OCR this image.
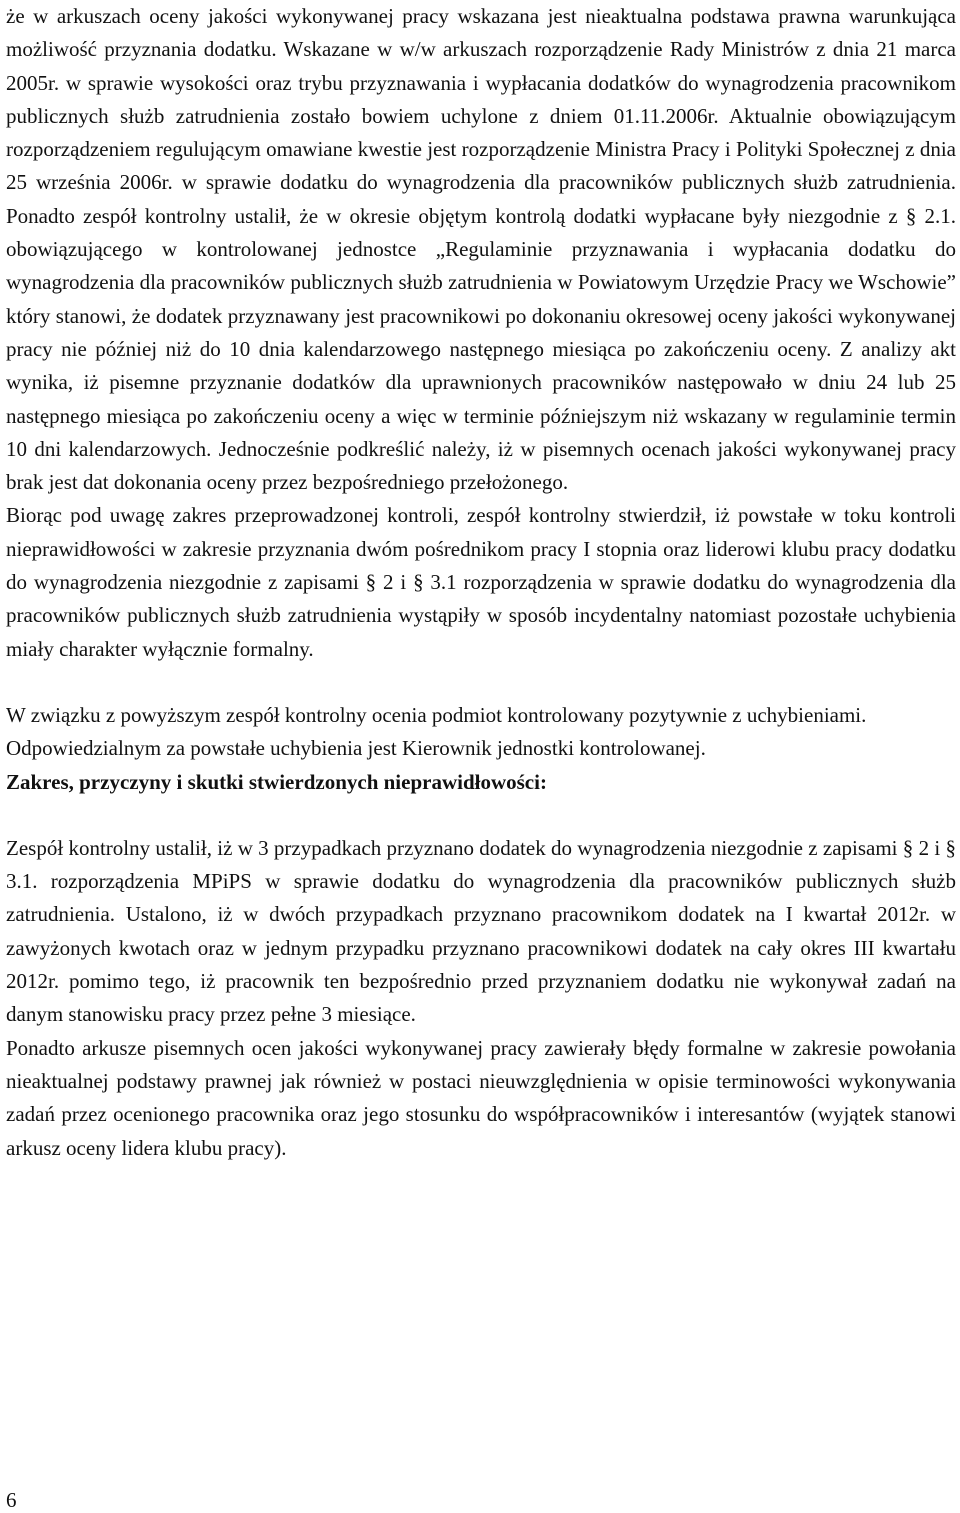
że w arkuszach oceny jakości wykonywanej pracy wskazana jest nieaktualna podstawa prawna warunkująca możliwość przyznania dodatku. Wskazane w w/w arkuszach rozporządzenie Rady Ministrów z dnia 21 marca 2005r. w sprawie wysokości oraz trybu przyznawania i wypłacania dodatków do wynagrodzenia pracownikom publicznych służb zatrudnienia zostało bowiem uchylone z dniem 01.11.2006r. Aktualnie obowiązującym rozporządzeniem regulującym omawiane kwestie jest rozporządzenie Ministra Pracy i Polityki Społecznej z dnia 25 września 2006r. w sprawie dodatku do wynagrodzenia dla pracowników publicznych służb zatrudnienia. Ponadto zespół kontrolny ustalił, że w okresie objętym kontrolą dodatki wypłacane były niezgodnie z § 2.1. obowiązującego w kontrolowanej jednostce „Regulaminie przyznawania i wypłacania dodatku do wynagrodzenia dla pracowników publicznych służb zatrudnienia w Powiatowym Urzędzie Pracy we Wschowie” który stanowi, że dodatek przyznawany jest pracownikowi po dokonaniu okresowej oceny jakości wykonywanej pracy nie później niż do 10 dnia kalendarzowego następnego miesiąca po zakończeniu oceny. Z analizy akt wynika, iż pisemne przyznanie dodatków dla uprawnionych pracowników następowało w dniu 24 lub 25 następnego miesiąca po zakończeniu oceny a więc w terminie późniejszym niż wskazany w regulaminie termin 10 dni kalendarzowych. Jednocześnie podkreślić należy, iż w pisemnych ocenach jakości wykonywanej pracy brak jest dat dokonania oceny przez bezpośredniego przełożonego.

Biorąc pod uwagę zakres przeprowadzonej kontroli, zespół kontrolny stwierdził, iż powstałe w toku kontroli nieprawidłowości w zakresie przyznania dwóm pośrednikom pracy I stopnia oraz liderowi klubu pracy dodatku do wynagrodzenia niezgodnie z zapisami § 2 i § 3.1 rozporządzenia w sprawie dodatku do wynagrodzenia dla pracowników publicznych służb zatrudnienia wystąpiły w sposób incydentalny natomiast pozostałe uchybienia miały charakter wyłącznie formalny.

W związku z powyższym zespół kontrolny ocenia podmiot kontrolowany pozytywnie z uchybieniami.

Odpowiedzialnym za powstałe uchybienia jest Kierownik jednostki kontrolowanej.

Zakres, przyczyny i skutki stwierdzonych nieprawidłowości:

Zespół kontrolny ustalił, iż w 3 przypadkach przyznano dodatek do wynagrodzenia niezgodnie z zapisami § 2 i § 3.1. rozporządzenia MPiPS w sprawie dodatku do wynagrodzenia dla pracowników publicznych służb zatrudnienia. Ustalono, iż w dwóch przypadkach przyznano pracownikom dodatek na I kwartał 2012r. w zawyżonych kwotach oraz w jednym przypadku przyznano pracownikowi dodatek na cały okres III kwartału 2012r. pomimo tego, iż pracownik ten bezpośrednio przed przyznaniem dodatku nie wykonywał zadań na danym stanowisku pracy przez pełne 3 miesiące.

Ponadto arkusze pisemnych ocen jakości wykonywanej pracy zawierały błędy formalne w zakresie powołania nieaktualnej podstawy prawnej jak również w postaci nieuwzględnienia w opisie terminowości wykonywania zadań przez ocenionego pracownika oraz jego stosunku do współpracowników i interesantów (wyjątek stanowi arkusz oceny lidera klubu pracy).

6
